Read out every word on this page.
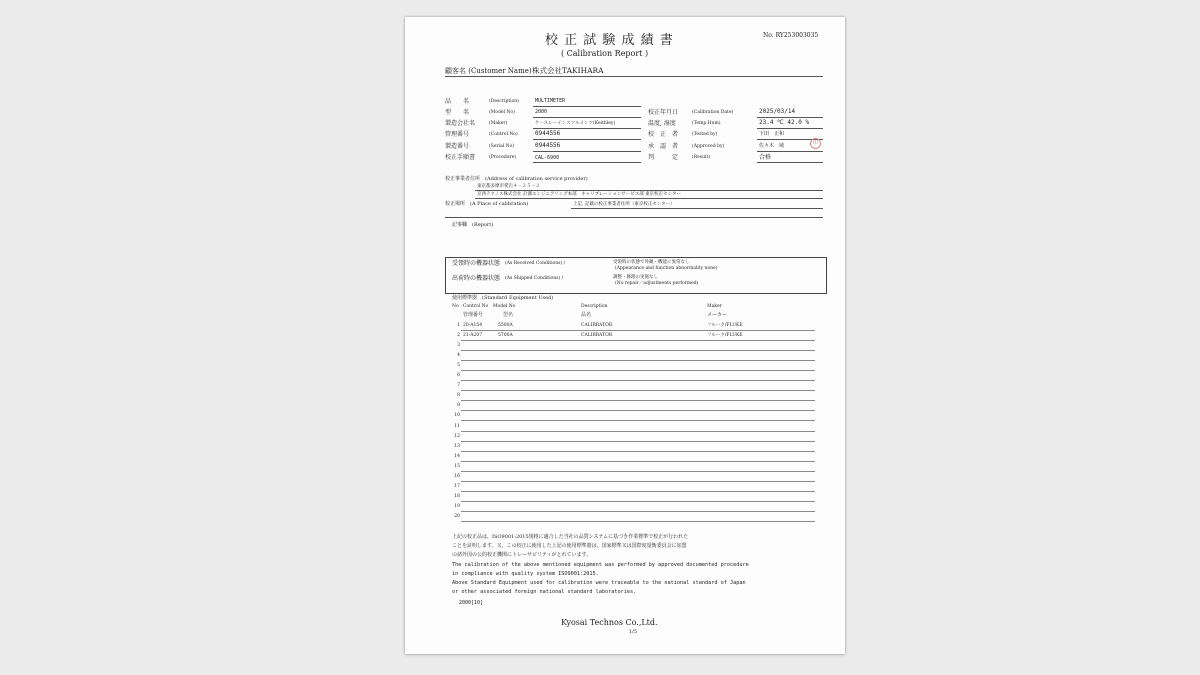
No. RY253003035
校 正 試 験 成 績 書
( Calibration Report )
顧客名 (Customer Name) 株式会社TAKIHARA
品　　名	(Description)	MULTIMETER
型　　名	(Model No)	2000
製造会社名	(Maker)	ケースレーインスツルメンツ(Keithley)
管理番号	(Control No)	0944556
製造番号	(Serial No)	0944556
校正手順書	(Procedure)	CAL-6900
校正年月日	(Calibration Date)	2025/03/14
温度, 湿度	(Temp.Hum)	23.4 ℃ 42.0 %
校　正　者	(Tested by)	下田　正和
承　認　者	(Approved by)	佐々木　域
判　　　定	(Result)	合格
印
校正事業者住所　(Address of calibration service provider)
東京都多摩市愛宕４－２５－２
京西テクノス株式会社 計測エンジニアリング本部　キャリブレーションサービス部 東京校正センター
校正場所　(A Place of calibration)	上記, 記載の校正事業者住所（東京校正センター）
記事欄　(Report)
受領時の機器状態 (As Received Conditions) /	受領時の状態で外観・機能に異常なし
(Appearance and function abnormality none)
出荷時の機器状態 (As Shipped Conditions) /	調整・修理の実施なし
(No repair／adjustments performed)
使用標準器　(Standard Equipment Used)
No Control No Model No	Description	Maker
管理番号	型名	品名	メーカー
1 20-A154	5500A	CALIBRATOR	フルーク/FLUKE
2 21-A207	5700A	CALIBRATOR	フルーク/FLUKE
3
4
5
6
7
8
9
10
11
12
13
14
15
16
17
18
19
20
上記の校正品は，ISO9001:2015規格に適合した当社の品質システムに基づき作業標準で校正が行われた
ことを証明します。又，この校正に使用した上記の使用標準器は，国家標準又は国際度量衡委員会に加盟
の諸外国の公的校正機関にトレーサビリティがとれています。
The calibration of the above mentioned equipment was performed by approved documented procedure
in compliance with quality system ISO9001:2015.
Above Standard Equipment used for calibration were traceable to the national standard of Japan
or other associated foreign national standard laboratories.
2000[10]
Kyosai Technos Co.,Ltd.
1/5
